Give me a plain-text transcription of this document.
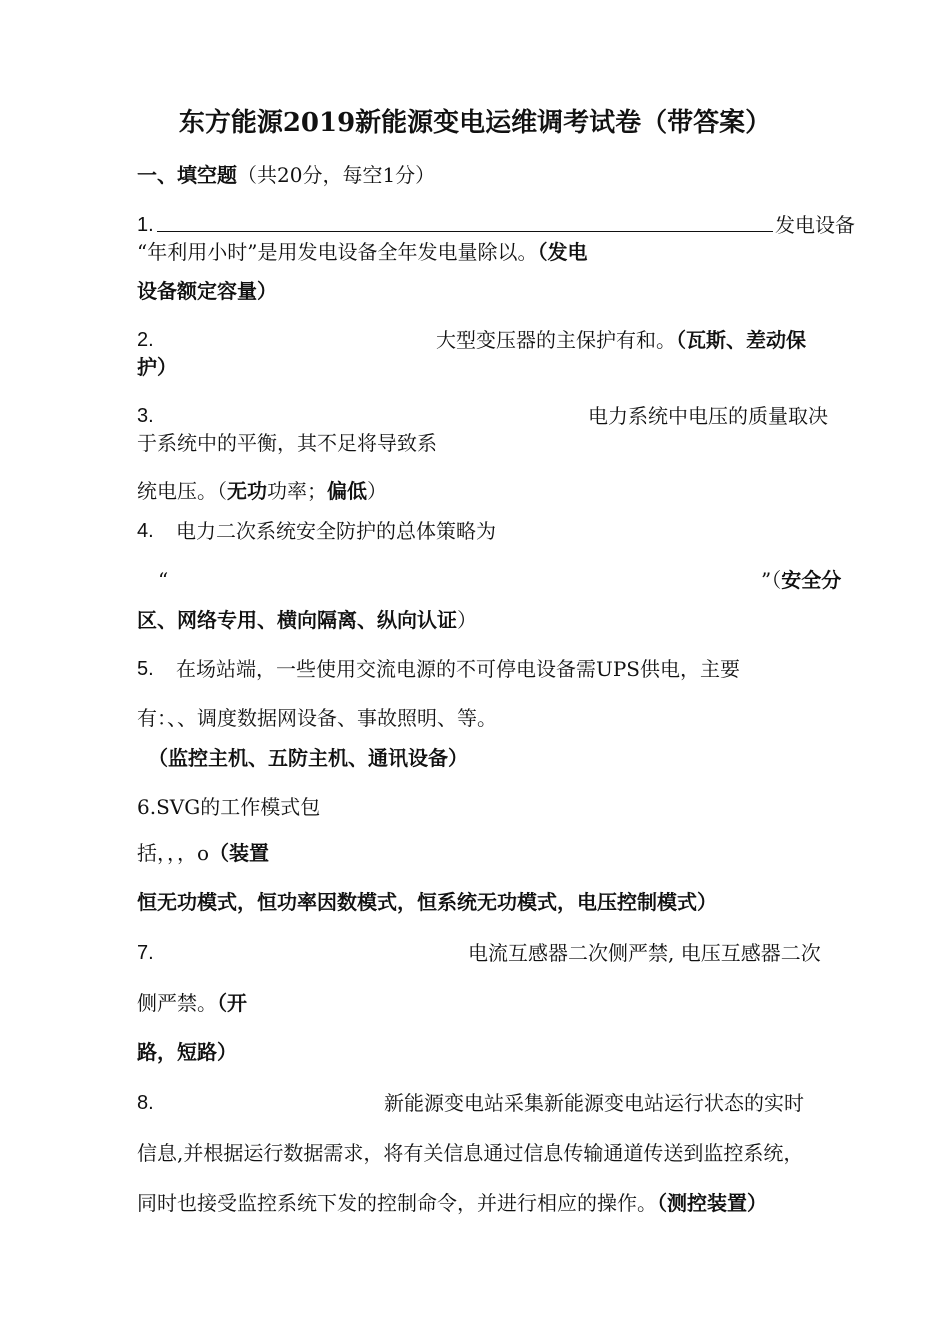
东方能源2019新能源变电运维调考试卷（带答案）
一、填空题（共20分，每空1分）
1.	发电设备
“年利用小时”是用发电设备全年发电量除以。（发电
设备额定容量）
2.	大型变压器的主保护有和。（瓦斯、差动保
护）
3.	电力系统中电压的质量取决
于系统中的平衡，其不足将导致系
统电压。（无功功率；偏低）
4. 电力二次系统安全防护的总体策略为
“	”（安全分
区、网络专用、横向隔离、纵向认证）
5. 在场站端，一些使用交流电源的不可停电设备需UPS供电，主要
有：、、调度数据网设备、事故照明、等。
（监控主机、五防主机、通讯设备）
6.SVG的工作模式包
括，，，o（装置
恒无功模式，恒功率因数模式，恒系统无功模式，电压控制模式）
7.	电流互感器二次侧严禁, 电压互感器二次
侧严禁。（开
路，短路）
8.	新能源变电站采集新能源变电站运行状态的实时
信息,并根据运行数据需求，将有关信息通过信息传输通道传送到监控系统，
同时也接受监控系统下发的控制命令，并进行相应的操作。（测控装置）
